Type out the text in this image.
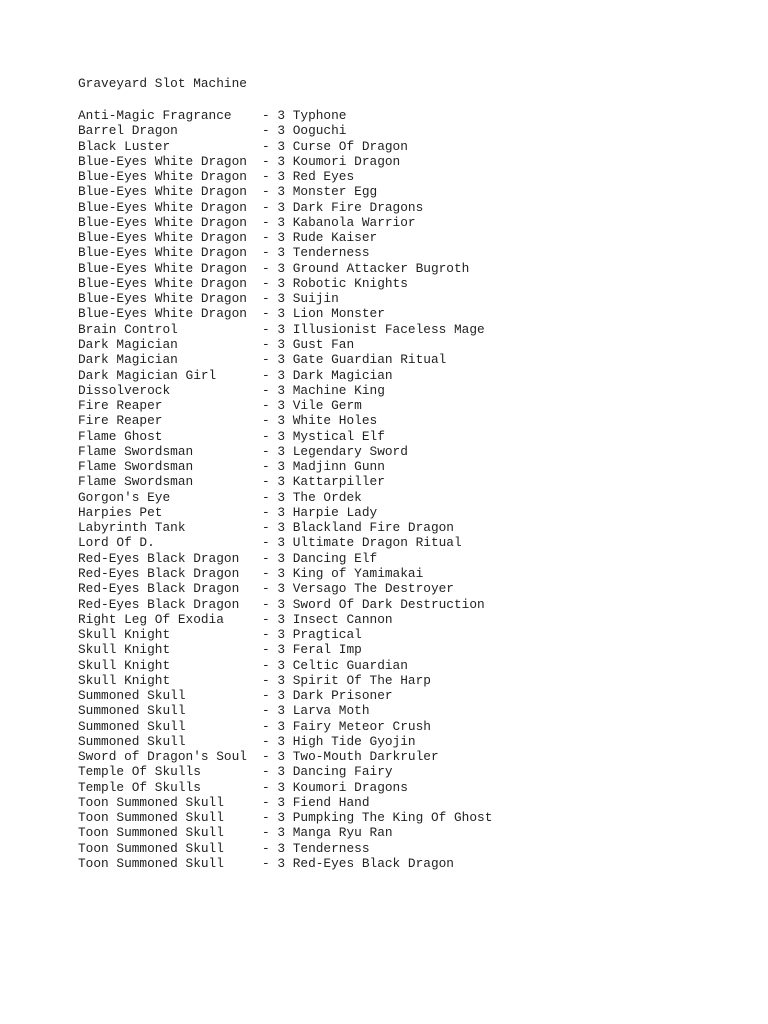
Graveyard Slot Machine
Anti-Magic Fragrance - 3 Typhone
Barrel Dragon	- 3 Ooguchi
Black Luster	- 3 Curse Of Dragon
Blue-Eyes White Dragon - 3 Koumori Dragon
Blue-Eyes White Dragon - 3 Red Eyes
Blue-Eyes White Dragon - 3 Monster Egg
Blue-Eyes White Dragon - 3 Dark Fire Dragons
Blue-Eyes White Dragon - 3 Kabanola Warrior
Blue-Eyes White Dragon - 3 Rude Kaiser
Blue-Eyes White Dragon - 3 Tenderness
Blue-Eyes White Dragon - 3 Ground Attacker Bugroth
Blue-Eyes White Dragon - 3 Robotic Knights
Blue-Eyes White Dragon - 3 Suijin
Blue-Eyes White Dragon - 3 Lion Monster
Brain Control	- 3 Illusionist Faceless Mage
Dark Magician	- 3 Gust Fan
Dark Magician	- 3 Gate Guardian Ritual
Dark Magician Girl	- 3 Dark Magician
Dissolverock	- 3 Machine King
Fire Reaper	- 3 Vile Germ
Fire Reaper	- 3 White Holes
Flame Ghost	- 3 Mystical Elf
Flame Swordsman	- 3 Legendary Sword
Flame Swordsman	- 3 Madjinn Gunn
Flame Swordsman	- 3 Kattarpiller
Gorgon's Eye	- 3 The Ordek
Harpies Pet	- 3 Harpie Lady
Labyrinth Tank	- 3 Blackland Fire Dragon
Lord Of D.	- 3 Ultimate Dragon Ritual
Red-Eyes Black Dragon - 3 Dancing Elf
Red-Eyes Black Dragon - 3 King of Yamimakai
Red-Eyes Black Dragon - 3 Versago The Destroyer
Red-Eyes Black Dragon - 3 Sword Of Dark Destruction
Right Leg Of Exodia	- 3 Insect Cannon
Skull Knight	- 3 Pragtical
Skull Knight	- 3 Feral Imp
Skull Knight	- 3 Celtic Guardian
Skull Knight	- 3 Spirit Of The Harp
Summoned Skull	- 3 Dark Prisoner
Summoned Skull	- 3 Larva Moth
Summoned Skull	- 3 Fairy Meteor Crush
Summoned Skull	- 3 High Tide Gyojin
Sword of Dragon's Soul - 3 Two-Mouth Darkruler
Temple Of Skulls	- 3 Dancing Fairy
Temple Of Skulls	- 3 Koumori Dragons
Toon Summoned Skull	- 3 Fiend Hand
Toon Summoned Skull	- 3 Pumpking The King Of Ghost
Toon Summoned Skull	- 3 Manga Ryu Ran
Toon Summoned Skull	- 3 Tenderness
Toon Summoned Skull	- 3 Red-Eyes Black Dragon
